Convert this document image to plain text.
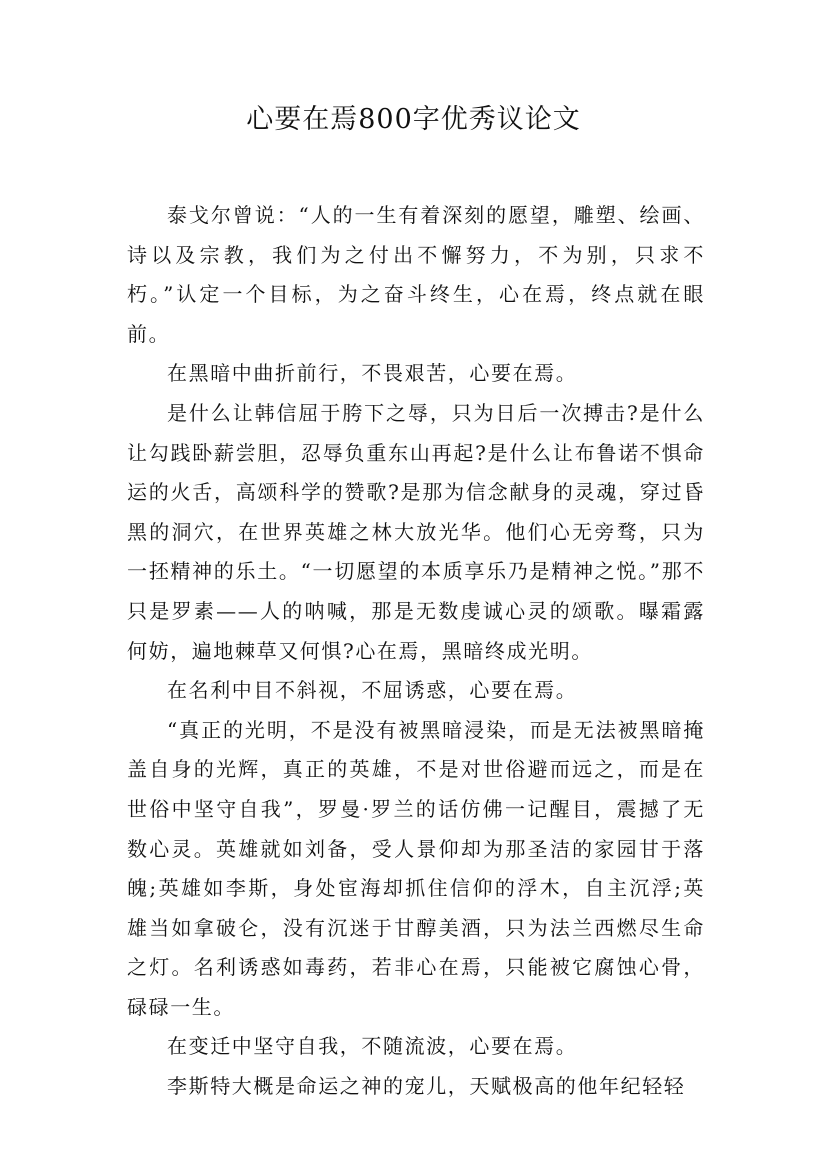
心要在焉800字优秀议论文

泰戈尔曾说：“人的一生有着深刻的愿望，雕塑、绘画、诗以及宗教，我们为之付出不懈努力，不为别，只求不朽。”认定一个目标，为之奋斗终生，心在焉，终点就在眼前。

在黑暗中曲折前行，不畏艰苦，心要在焉。

是什么让韩信屈于胯下之辱，只为日后一次搏击?是什么让勾践卧薪尝胆，忍辱负重东山再起?是什么让布鲁诺不惧命运的火舌，高颂科学的赞歌?是那为信念献身的灵魂，穿过昏黑的洞穴，在世界英雄之林大放光华。他们心无旁骛，只为一抷精神的乐土。“一切愿望的本质享乐乃是精神之悦。”那不只是罗素——人的呐喊，那是无数虔诚心灵的颂歌。曝霜露何妨，遍地棘草又何惧?心在焉，黑暗终成光明。

在名利中目不斜视，不屈诱惑，心要在焉。

“真正的光明，不是没有被黑暗浸染，而是无法被黑暗掩盖自身的光辉，真正的英雄，不是对世俗避而远之，而是在世俗中坚守自我”，罗曼·罗兰的话仿佛一记醒目，震撼了无数心灵。英雄就如刘备，受人景仰却为那圣洁的家园甘于落魄;英雄如李斯，身处宦海却抓住信仰的浮木，自主沉浮;英雄当如拿破仑，没有沉迷于甘醇美酒，只为法兰西燃尽生命之灯。名利诱惑如毒药，若非心在焉，只能被它腐蚀心骨，碌碌一生。

在变迁中坚守自我，不随流波，心要在焉。

李斯特大概是命运之神的宠儿，天赋极高的他年纪轻轻
